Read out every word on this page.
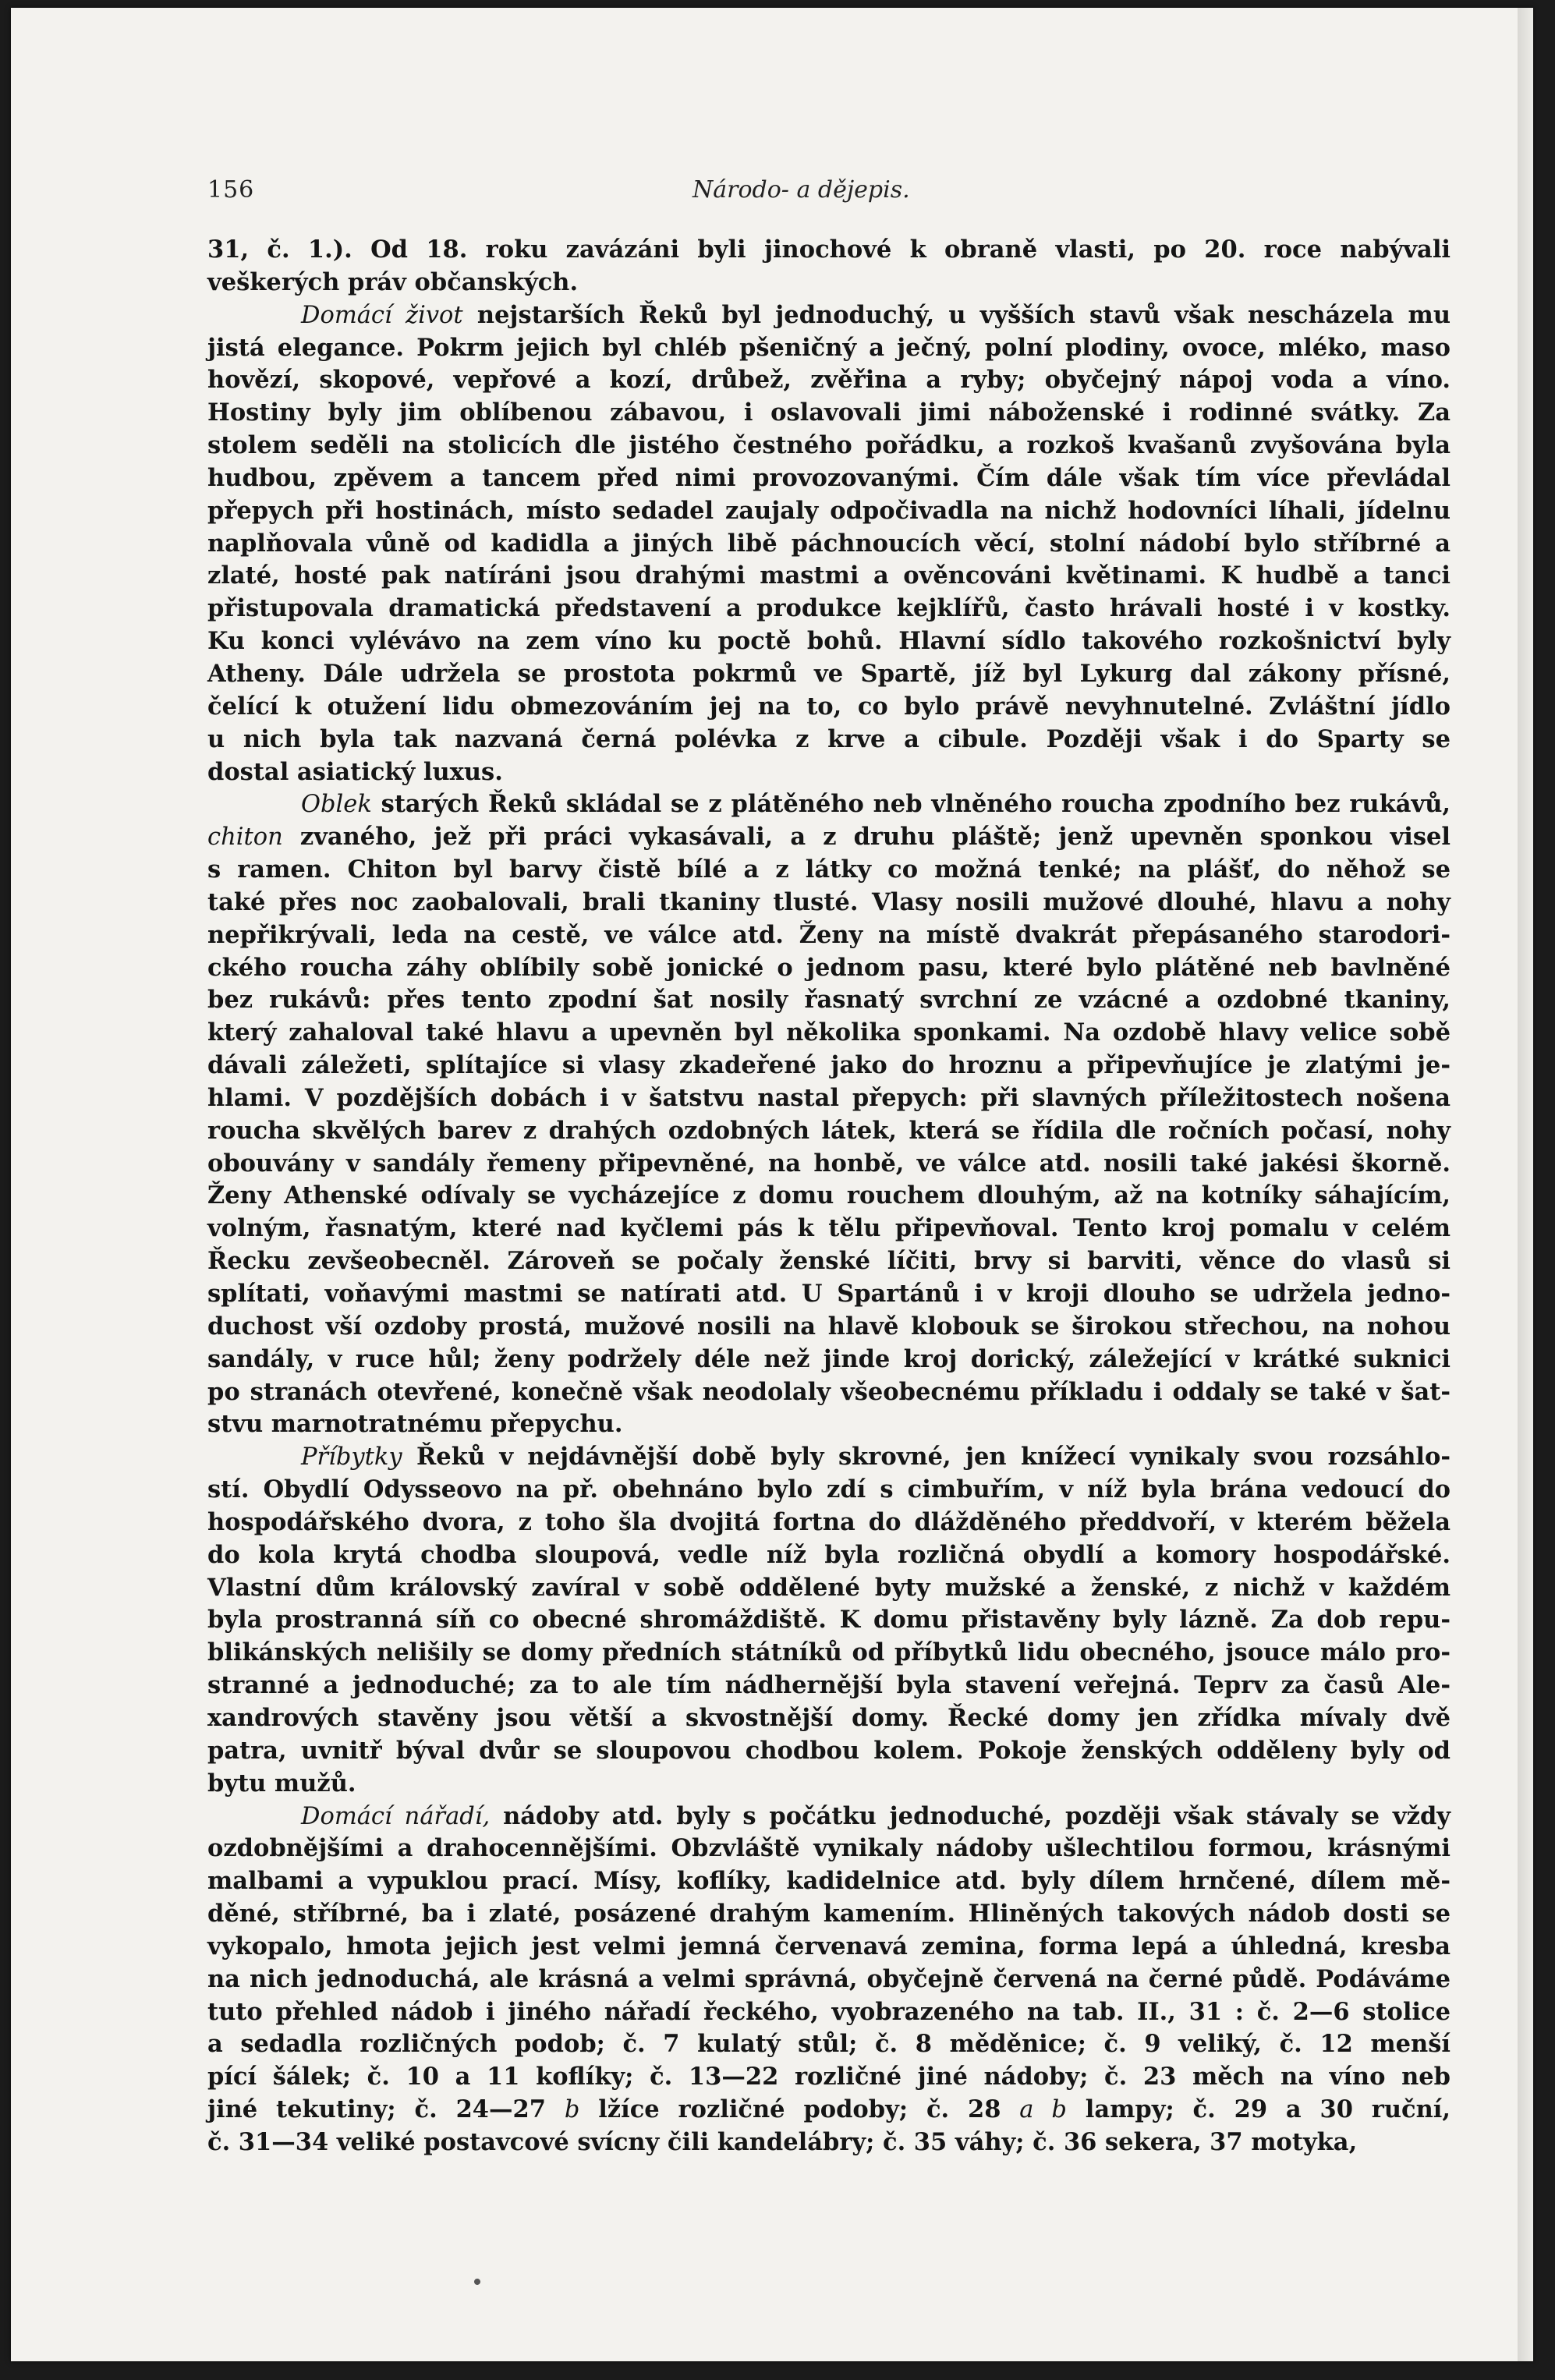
156	Národo- a dějepis.
31, č. 1.). Od 18. roku zavázáni byli jinochové k obraně vlasti, po 20. roce nabývali
veškerých práv občanských.
Domácí život nejstarších Řeků byl jednoduchý, u vyšších stavů však nescházela mu
jistá elegance. Pokrm jejich byl chléb pšeničný a ječný, polní plodiny, ovoce, mléko, maso
hovězí, skopové, vepřové a kozí, drůbež, zvěřina a ryby; obyčejný nápoj voda a víno.
Hostiny byly jim oblíbenou zábavou, i oslavovali jimi náboženské i rodinné svátky. Za
stolem seděli na stolicích dle jistého čestného pořádku, a rozkoš kvašanů zvyšována byla
hudbou, zpěvem a tancem před nimi provozovanými. Čím dále však tím více převládal
přepych při hostinách, místo sedadel zaujaly odpočivadla na nichž hodovníci líhali, jídelnu
naplňovala vůně od kadidla a jiných libě páchnoucích věcí, stolní nádobí bylo stříbrné a
zlaté, hosté pak natíráni jsou drahými mastmi a ověncováni květinami. K hudbě a tanci
přistupovala dramatická představení a produkce kejklířů, často hrávali hosté i v kostky.
Ku konci vylévávo na zem víno ku poctě bohů. Hlavní sídlo takového rozkošnictví byly
Atheny. Dále udržela se prostota pokrmů ve Spartě, jíž byl Lykurg dal zákony přísné,
čelící k otužení lidu obmezováním jej na to, co bylo právě nevyhnutelné. Zvláštní jídlo
u nich byla tak nazvaná černá polévka z krve a cibule. Později však i do Sparty se
dostal asiatický luxus.
Oblek starých Řeků skládal se z plátěného neb vlněného roucha zpodního bez rukávů,
chiton zvaného, jež při práci vykasávali, a z druhu pláště; jenž upevněn sponkou visel
s ramen. Chiton byl barvy čistě bílé a z látky co možná tenké; na plášť, do něhož se
také přes noc zaobalovali, brali tkaniny tlusté. Vlasy nosili mužové dlouhé, hlavu a nohy
nepřikrývali, leda na cestě, ve válce atd. Ženy na místě dvakrát přepásaného starodori-
ckého roucha záhy oblíbily sobě jonické o jednom pasu, které bylo plátěné neb bavlněné
bez rukávů: přes tento zpodní šat nosily řasnatý svrchní ze vzácné a ozdobné tkaniny,
který zahaloval také hlavu a upevněn byl několika sponkami. Na ozdobě hlavy velice sobě
dávali záležeti, splítajíce si vlasy zkadeřené jako do hroznu a připevňujíce je zlatými je-
hlami. V pozdějších dobách i v šatstvu nastal přepych: při slavných příležitostech nošena
roucha skvělých barev z drahých ozdobných látek, která se řídila dle ročních počasí, nohy
obouvány v sandály řemeny připevněné, na honbě, ve válce atd. nosili také jakési škorně.
Ženy Athenské odívaly se vycházejíce z domu rouchem dlouhým, až na kotníky sáhajícím,
volným, řasnatým, které nad kyčlemi pás k tělu připevňoval. Tento kroj pomalu v celém
Řecku zevšeobecněl. Zároveň se počaly ženské líčiti, brvy si barviti, věnce do vlasů si
splítati, voňavými mastmi se natírati atd. U Spartánů i v kroji dlouho se udržela jedno-
duchost vší ozdoby prostá, mužové nosili na hlavě klobouk se širokou střechou, na nohou
sandály, v ruce hůl; ženy podržely déle než jinde kroj dorický, záležející v krátké suknici
po stranách otevřené, konečně však neodolaly všeobecnému příkladu i oddaly se také v šat-
stvu marnotratnému přepychu.
Příbytky Řeků v nejdávnější době byly skrovné, jen knížecí vynikaly svou rozsáhlo-
stí. Obydlí Odysseovo na př. obehnáno bylo zdí s cimbuřím, v níž byla brána vedoucí do
hospodářského dvora, z toho šla dvojitá fortna do dlážděného předdvoří, v kterém běžela
do kola krytá chodba sloupová, vedle níž byla rozličná obydlí a komory hospodářské.
Vlastní dům královský zavíral v sobě oddělené byty mužské a ženské, z nichž v každém
byla prostranná síň co obecné shromáždiště. K domu přistavěny byly lázně. Za dob repu-
blikánských nelišily se domy předních státníků od příbytků lidu obecného, jsouce málo pro-
stranné a jednoduché; za to ale tím nádhernější byla stavení veřejná. Teprv za časů Ale-
xandrových stavěny jsou větší a skvostnější domy. Řecké domy jen zřídka mívaly dvě
patra, uvnitř býval dvůr se sloupovou chodbou kolem. Pokoje ženských odděleny byly od
bytu mužů.
Domácí nářadí, nádoby atd. byly s počátku jednoduché, později však stávaly se vždy
ozdobnějšími a drahocennějšími. Obzvláště vynikaly nádoby ušlechtilou formou, krásnými
malbami a vypuklou prací. Mísy, koflíky, kadidelnice atd. byly dílem hrnčené, dílem mě-
děné, stříbrné, ba i zlaté, posázené drahým kamením. Hliněných takových nádob dosti se
vykopalo, hmota jejich jest velmi jemná červenavá zemina, forma lepá a úhledná, kresba
na nich jednoduchá, ale krásná a velmi správná, obyčejně červená na černé půdě. Podáváme
tuto přehled nádob i jiného nářadí řeckého, vyobrazeného na tab. II., 31 : č. 2—6 stolice
a sedadla rozličných podob; č. 7 kulatý stůl; č. 8 měděnice; č. 9 veliký, č. 12 menší
pící šálek; č. 10 a 11 koflíky; č. 13—22 rozličné jiné nádoby; č. 23 měch na víno neb
jiné tekutiny; č. 24—27 b lžíce rozličné podoby; č. 28 a b lampy; č. 29 a 30 ruční,
č. 31—34 veliké postavcové svícny čili kandelábry; č. 35 váhy; č. 36 sekera, 37 motyka,
